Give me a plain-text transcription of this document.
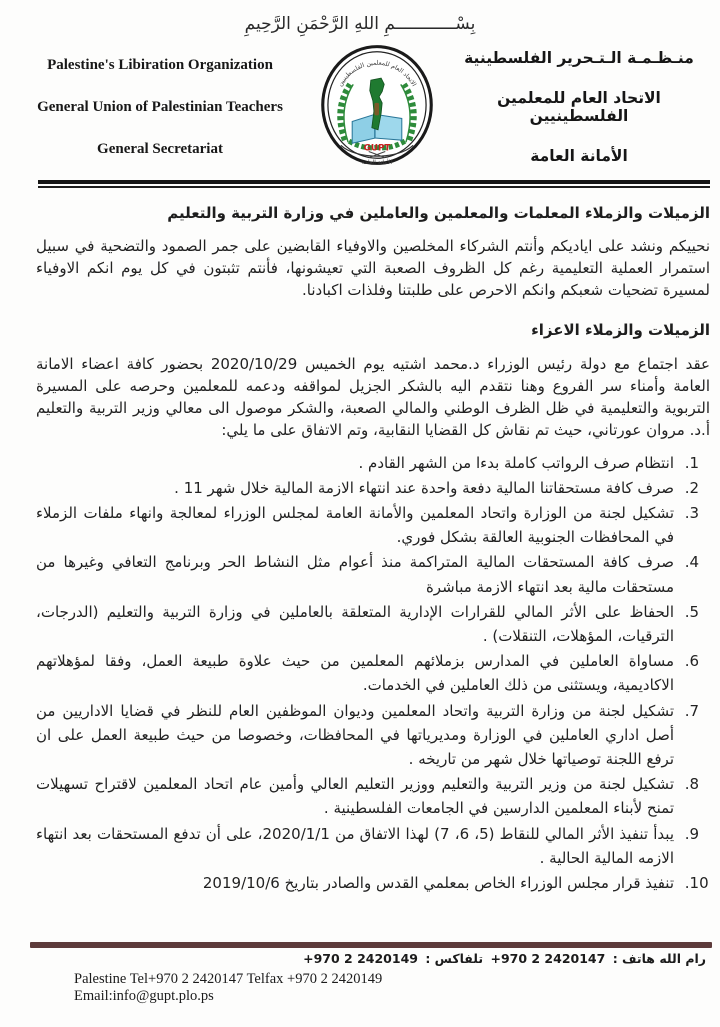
بِسْــــــــــــمِ اللهِ الرَّحْمَنِ الرَّحِيمِ
Palestine's Libiration Organization
General Union of Palestinian Teachers
General Secretariat
الاتحاد العام للمعلمين الفلسطينيين
GUPT
الأمانة العامة
منـظـمـة الـتـحرير الفلسطينية
الاتحاد العام للمعلمين الفلسطينيين
الأمانة العامة
الزميلات والزملاء المعلمات والمعلمين والعاملين في وزارة التربية والتعليم

نحييكم ونشد على اياديكم وأنتم الشركاء المخلصين والاوفياء القابضين على جمر الصمود والتضحية في سبيل استمرار العملية التعليمية رغم كل الظروف الصعبة التي تعيشونها، فأنتم تثبتون في كل يوم انكم الاوفياء لمسيرة تضحيات شعبكم وانكم الاحرص على طلبتنا وفلذات اكبادنا.

الزميلات والزملاء الاعزاء

عقد اجتماع مع دولة رئيس الوزراء د.محمد اشتيه يوم الخميس 2020/10/29 بحضور كافة اعضاء الامانة العامة وأمناء سر الفروع وهنا نتقدم اليه بالشكر الجزيل لمواقفه ودعمه للمعلمين وحرصه على المسيرة التربوية والتعليمية في ظل الظرف الوطني والمالي الصعبة، والشكر موصول الى معالي وزير التربية والتعليم أ.د. مروان عورتاني، حيث تم نقاش كل القضايا النقابية، وتم الاتفاق على ما يلي:

1. انتظام صرف الرواتب كاملة بدءا من الشهر القادم .
2. صرف كافة مستحقاتنا المالية دفعة واحدة عند انتهاء الازمة المالية خلال شهر 11 .
3. تشكيل لجنة من الوزارة واتحاد المعلمين والأمانة العامة لمجلس الوزراء لمعالجة وانهاء ملفات الزملاء في المحافظات الجنوبية العالقة بشكل فوري.
4. صرف كافة المستحقات المالية المتراكمة منذ أعوام مثل النشاط الحر وبرنامج التعافي وغيرها من مستحقات مالية بعد انتهاء الازمة مباشرة
5. الحفاظ على الأثر المالي للقرارات الإدارية المتعلقة بالعاملين في وزارة التربية والتعليم (الدرجات، الترقيات، المؤهلات، التنقلات) .
6. مساواة العاملين في المدارس بزملائهم المعلمين من حيث علاوة طبيعة العمل، وفقا لمؤهلاتهم الاكاديمية، ويستثنى من ذلك العاملين في الخدمات.
7. تشكيل لجنة من وزارة التربية واتحاد المعلمين وديوان الموظفين العام للنظر في قضايا الاداريين من أصل اداري العاملين في الوزارة ومديرياتها في المحافظات، وخصوصا من حيث طبيعة العمل على ان ترفع اللجنة توصياتها خلال شهر من تاريخه .
8. تشكيل لجنة من وزير التربية والتعليم ووزير التعليم العالي وأمين عام اتحاد المعلمين لاقتراح تسهيلات تمنح لأبناء المعلمين الدارسين في الجامعات الفلسطينية .
9. يبدأ تنفيذ الأثر المالي للنقاط (5، 6، 7) لهذا الاتفاق من 2020/1/1، على أن تدفع المستحقات بعد انتهاء الازمه المالية الحالية .
10. تنفيذ قرار مجلس الوزراء الخاص بمعلمي القدس والصادر بتاريخ 2019/10/6
رام الله هاتف : +970 2 2420147 تلفاكس : +970 2 2420149
Palestine Tel+970 2 2420147 Telfax +970 2 2420149
Email:info@gupt.plo.ps
